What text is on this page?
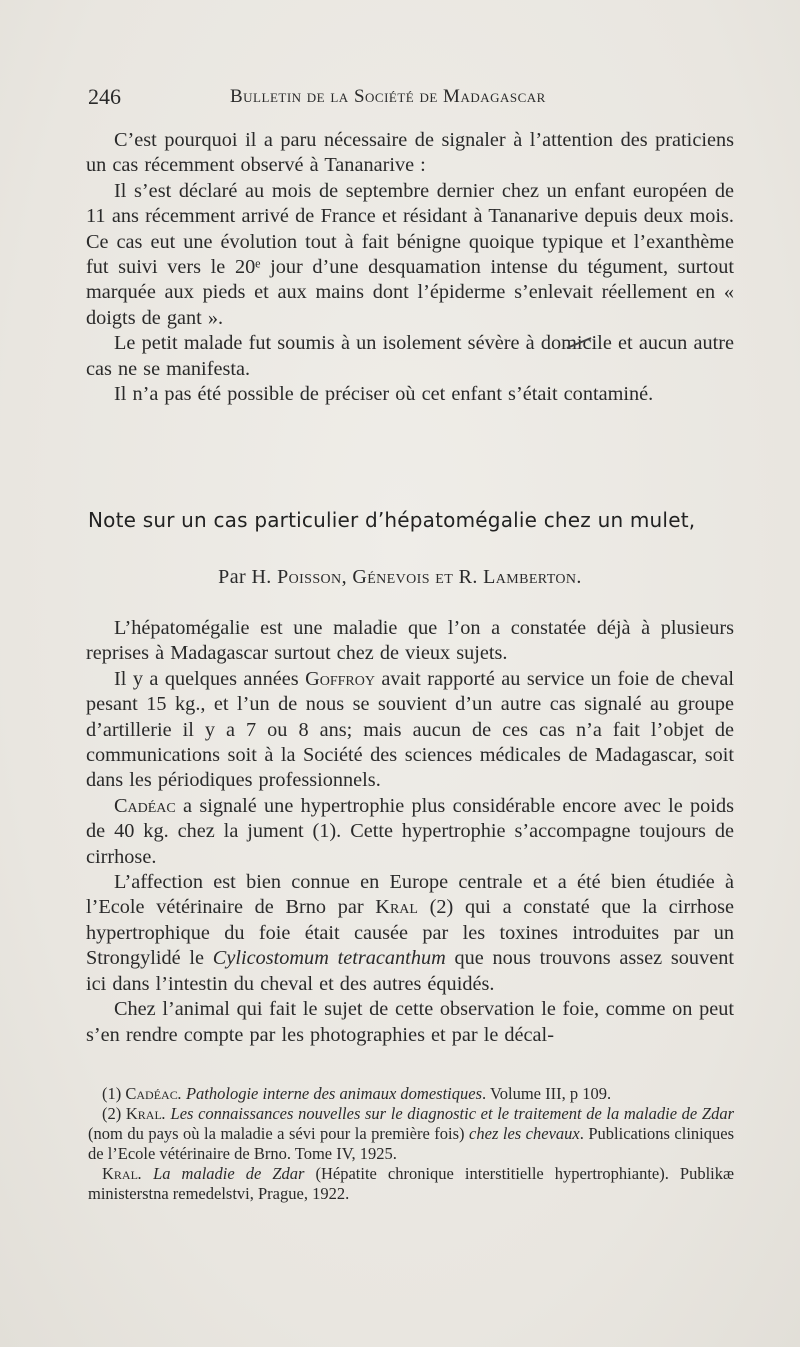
246	Bulletin de la Société de Madagascar

C’est pourquoi il a paru nécessaire de signaler à l’attention des praticiens un cas récemment observé à Tananarive :

Il s’est déclaré au mois de septembre dernier chez un enfant européen de 11 ans récemment arrivé de France et résidant à Tananarive depuis deux mois. Ce cas eut une évolution tout à fait bénigne quoique typique et l’exanthème fut suivi vers le 20ᵉ jour d’une desquamation intense du tégument, surtout marquée aux pieds et aux mains dont l’épiderme s’enlevait réellement en « doigts de gant ».

Le petit malade fut soumis à un isolement sévère à domicile et aucun autre cas ne se manifesta.

Il n’a pas été possible de préciser où cet enfant s’était contaminé.

Note sur un cas particulier d’hépatomégalie chez un mulet,
Par H. Poisson, Génevois et R. Lamberton.

L’hépatomégalie est une maladie que l’on a constatée déjà à plusieurs reprises à Madagascar surtout chez de vieux sujets.

Il y a quelques années Goffroy avait rapporté au service un foie de cheval pesant 15 kg., et l’un de nous se souvient d’un autre cas signalé au groupe d’artillerie il y a 7 ou 8 ans; mais aucun de ces cas n’a fait l’objet de communications soit à la Société des sciences médicales de Madagascar, soit dans les périodiques professionnels.

Cadéac a signalé une hypertrophie plus considérable encore avec le poids de 40 kg. chez la jument (1). Cette hypertrophie s’accompagne toujours de cirrhose.

L’affection est bien connue en Europe centrale et a été bien étudiée à l’Ecole vétérinaire de Brno par Kral (2) qui a constaté que la cirrhose hypertrophique du foie était causée par les toxines introduites par un Strongylidé le Cylicostomum tetracanthum que nous trouvons assez souvent ici dans l’intestin du cheval et des autres équidés.

Chez l’animal qui fait le sujet de cette observation le foie, comme on peut s’en rendre compte par les photographies et par le décal-

(1) Cadéac. Pathologie interne des animaux domestiques. Volume III, p 109.

(2) Kral. Les connaissances nouvelles sur le diagnostic et le traitement de la maladie de Zdar (nom du pays où la maladie a sévi pour la première fois) chez les chevaux. Publications cliniques de l’Ecole vétérinaire de Brno. Tome IV, 1925.

Kral. La maladie de Zdar (Hépatite chronique interstitielle hypertrophiante). Publikæ ministerstna remedelstvi, Prague, 1922.
